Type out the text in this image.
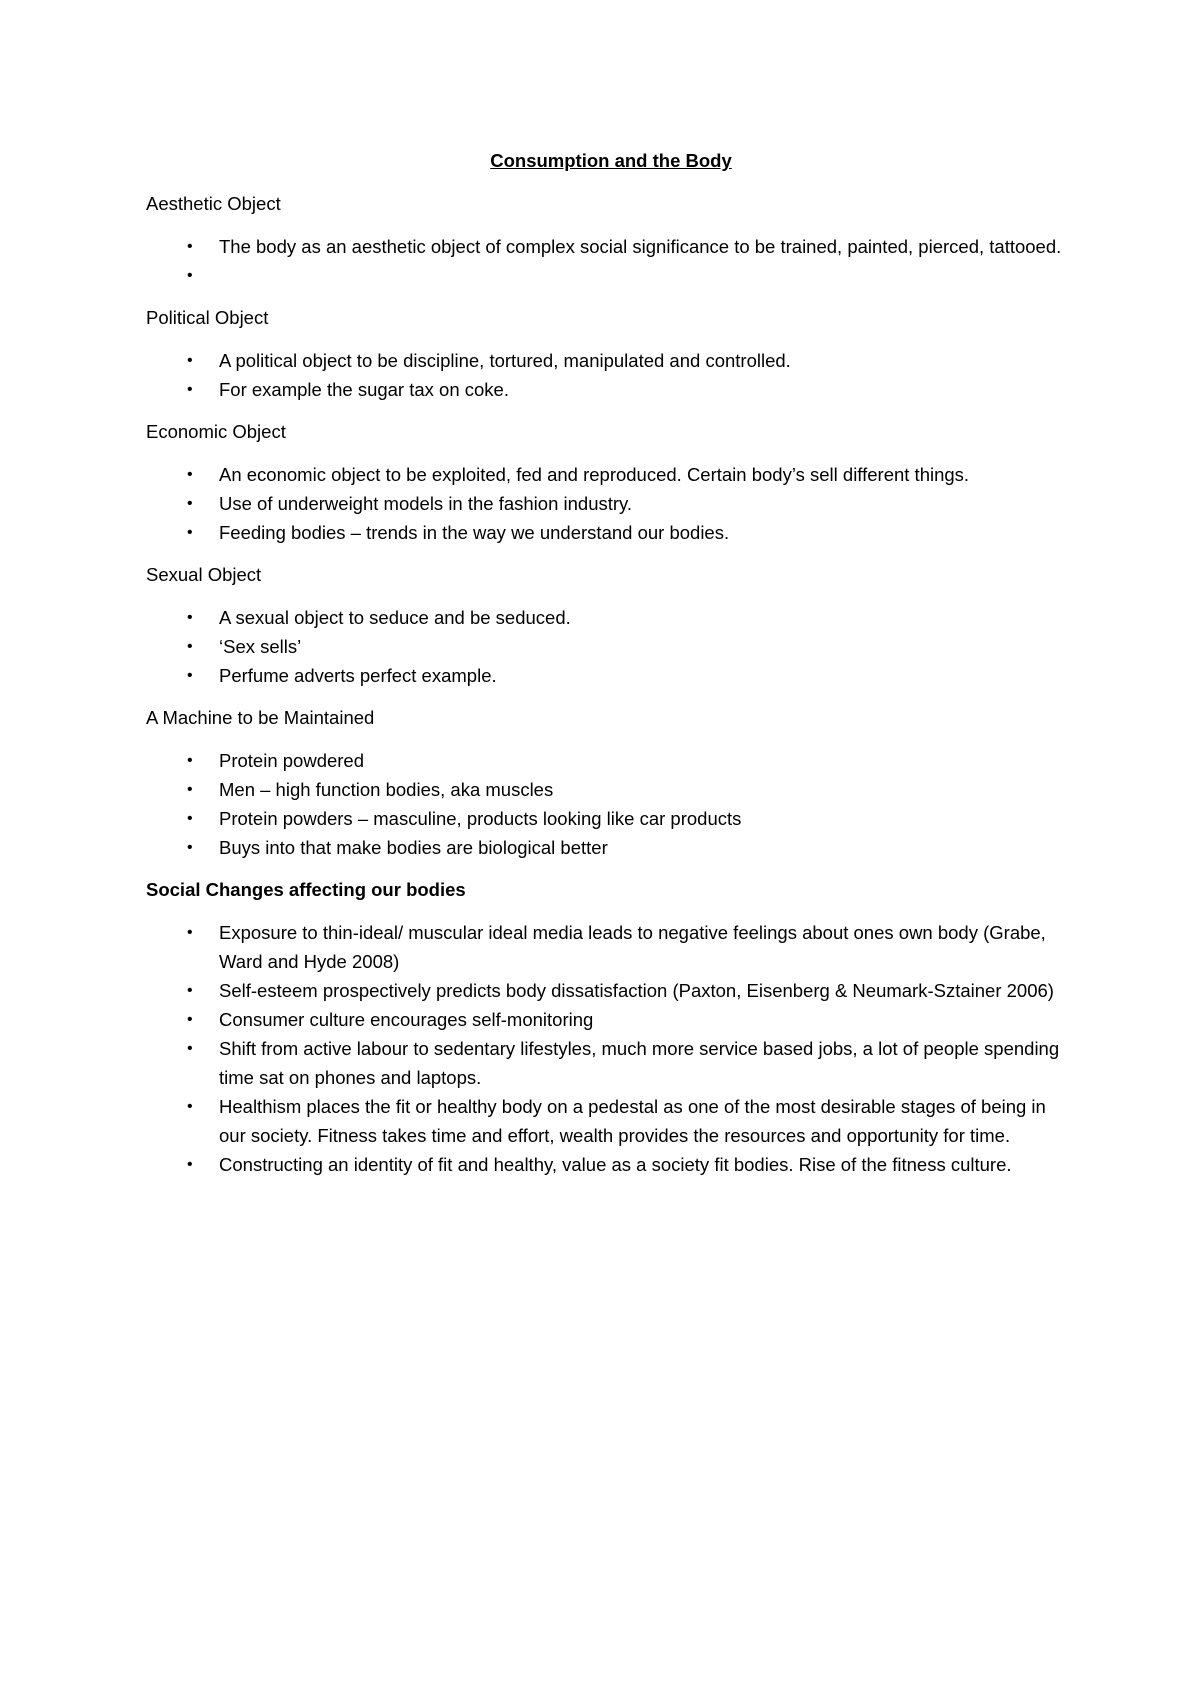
Consumption and the Body
Aesthetic Object
• The body as an aesthetic object of complex social significance to be trained, painted, pierced, tattooed.
•
Political Object
• A political object to be discipline, tortured, manipulated and controlled.
• For example the sugar tax on coke.
Economic Object
• An economic object to be exploited, fed and reproduced. Certain body’s sell different things.
• Use of underweight models in the fashion industry.
• Feeding bodies – trends in the way we understand our bodies.
Sexual Object
• A sexual object to seduce and be seduced.
• ‘Sex sells’
• Perfume adverts perfect example.
A Machine to be Maintained
• Protein powdered
• Men – high function bodies, aka muscles
• Protein powders – masculine, products looking like car products
• Buys into that make bodies are biological better
Social Changes affecting our bodies
• Exposure to thin-ideal/ muscular ideal media leads to negative feelings about ones own body (Grabe, Ward and Hyde 2008)
• Self-esteem prospectively predicts body dissatisfaction (Paxton, Eisenberg & Neumark-Sztainer 2006)
• Consumer culture encourages self-monitoring
• Shift from active labour to sedentary lifestyles, much more service based jobs, a lot of people spending time sat on phones and laptops.
• Healthism places the fit or healthy body on a pedestal as one of the most desirable stages of being in our society. Fitness takes time and effort, wealth provides the resources and opportunity for time.
• Constructing an identity of fit and healthy, value as a society fit bodies. Rise of the fitness culture.
